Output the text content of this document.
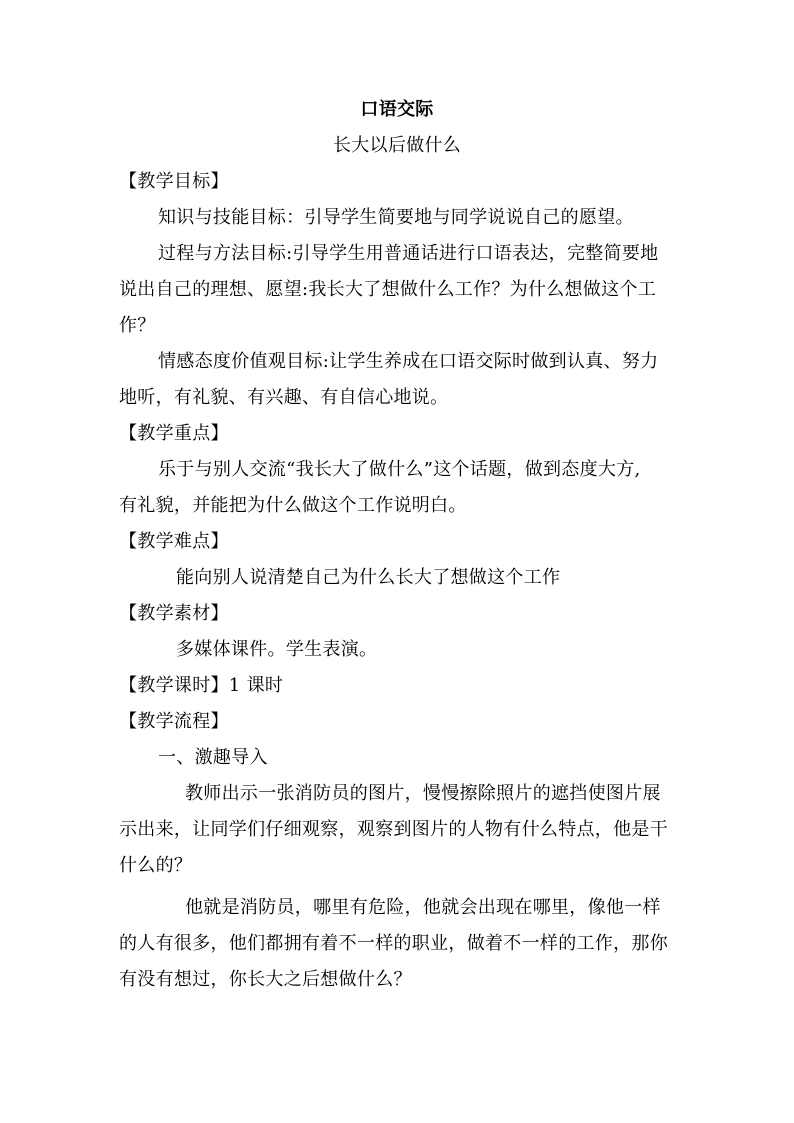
口语交际
长大以后做什么
【教学目标】
知识与技能目标：引导学生简要地与同学说说自己的愿望。
过程与方法目标:引导学生用普通话进行口语表达，完整简要地
说出自己的理想、愿望:我长大了想做什么工作？为什么想做这个工
作？
情感态度价值观目标:让学生养成在口语交际时做到认真、努力
地听，有礼貌、有兴趣、有自信心地说。
【教学重点】
乐于与别人交流“我长大了做什么”这个话题，做到态度大方,
有礼貌，并能把为什么做这个工作说明白。
【教学难点】
能向别人说清楚自己为什么长大了想做这个工作
【教学素材】
多媒体课件。学生表演。
【教学课时】1 课时
【教学流程】
一、激趣导入
教师出示一张消防员的图片，慢慢擦除照片的遮挡使图片展
示出来，让同学们仔细观察，观察到图片的人物有什么特点，他是干
什么的？
他就是消防员，哪里有危险，他就会出现在哪里，像他一样
的人有很多，他们都拥有着不一样的职业，做着不一样的工作，那你
有没有想过，你长大之后想做什么？
